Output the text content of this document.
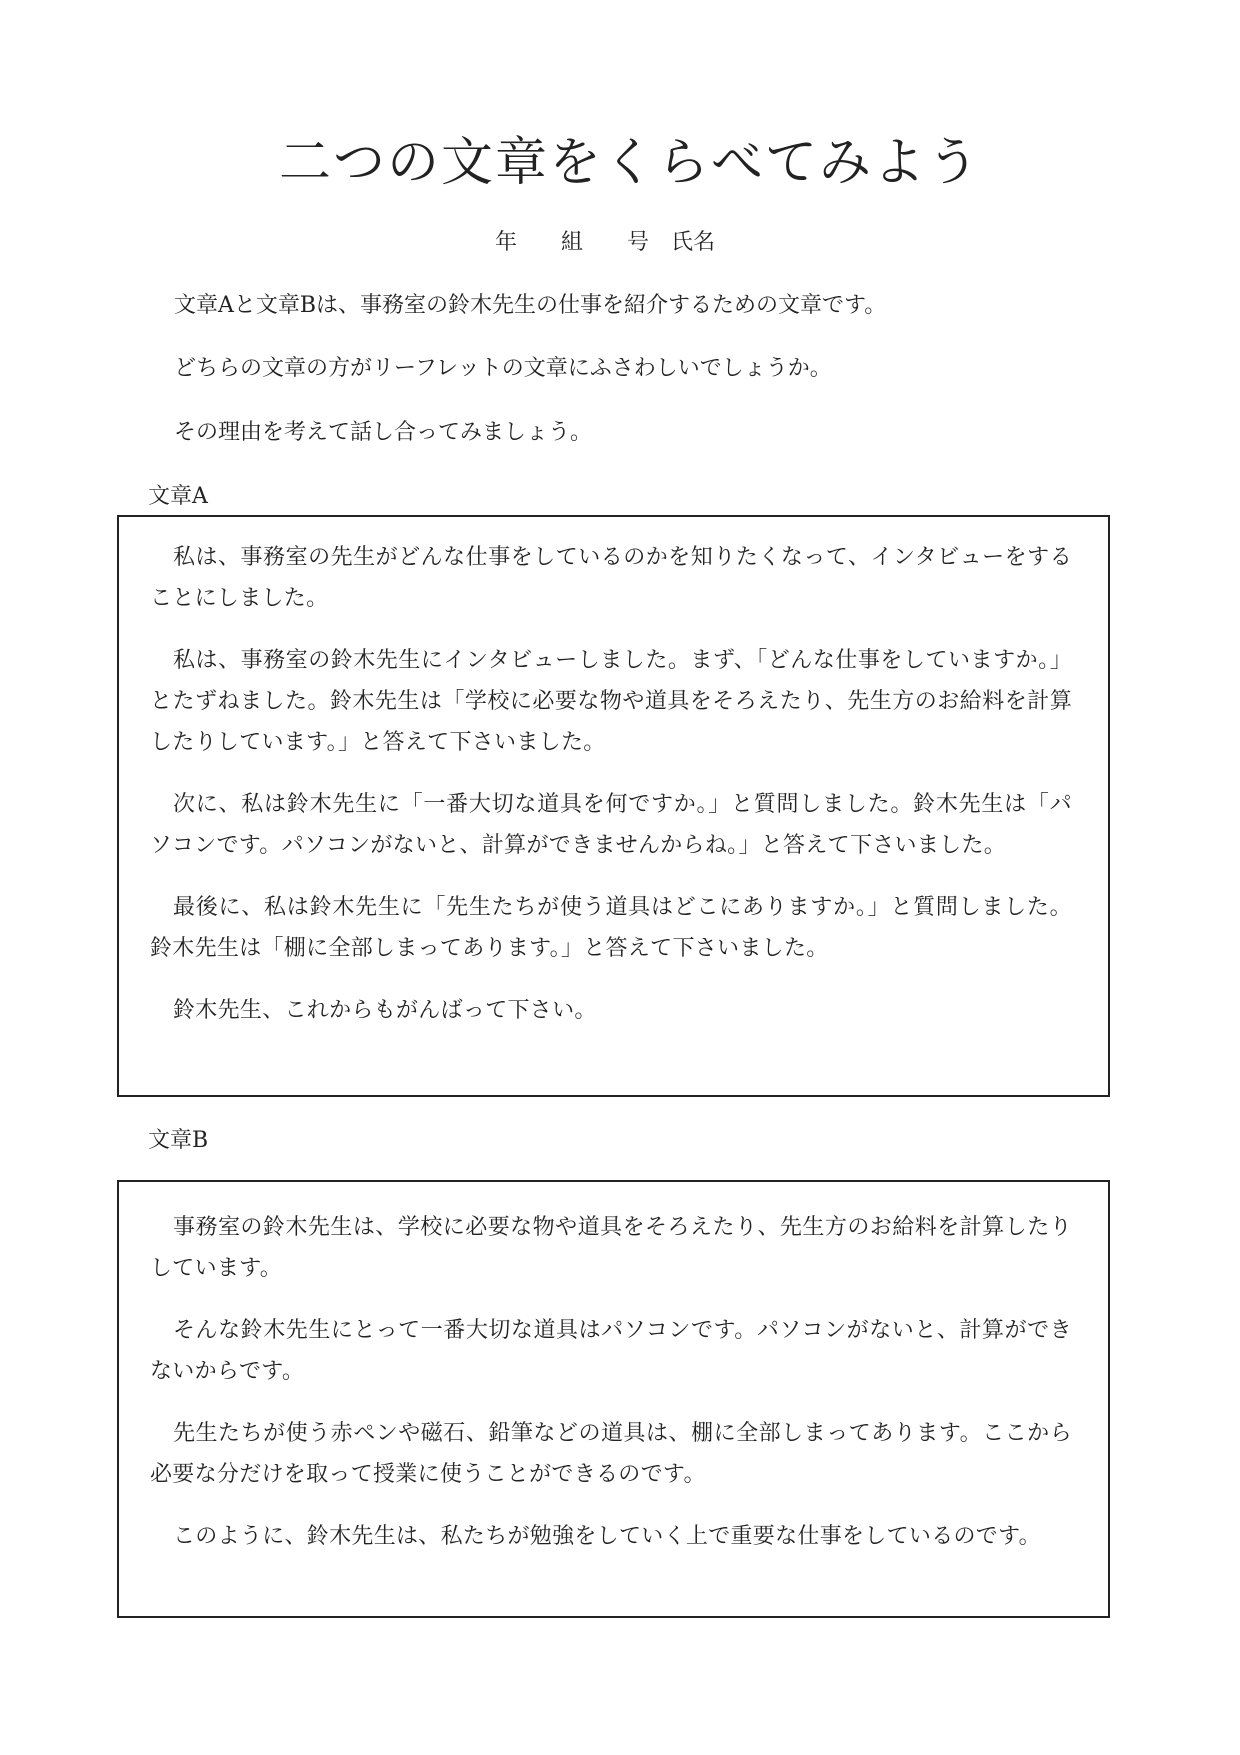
二つの文章をくらべてみよう
年　　組　　号　氏名

文章Aと文章Bは、事務室の鈴木先生の仕事を紹介するための文章です。

どちらの文章の方がリーフレットの文章にふさわしいでしょうか。

その理由を考えて話し合ってみましょう。

文章A

私は、事務室の先生がどんな仕事をしているのかを知りたくなって、インタビューをすることにしました。

私は、事務室の鈴木先生にインタビューしました。まず、「どんな仕事をしていますか。」とたずねました。鈴木先生は「学校に必要な物や道具をそろえたり、先生方のお給料を計算したりしています。」と答えて下さいました。

次に、私は鈴木先生に「一番大切な道具を何ですか。」と質問しました。鈴木先生は「パソコンです。パソコンがないと、計算ができませんからね。」と答えて下さいました。

最後に、私は鈴木先生に「先生たちが使う道具はどこにありますか。」と質問しました。鈴木先生は「棚に全部しまってあります。」と答えて下さいました。

鈴木先生、これからもがんばって下さい。

文章B

事務室の鈴木先生は、学校に必要な物や道具をそろえたり、先生方のお給料を計算したりしています。

そんな鈴木先生にとって一番大切な道具はパソコンです。パソコンがないと、計算ができないからです。

先生たちが使う赤ペンや磁石、鉛筆などの道具は、棚に全部しまってあります。ここから必要な分だけを取って授業に使うことができるのです。

このように、鈴木先生は、私たちが勉強をしていく上で重要な仕事をしているのです。
